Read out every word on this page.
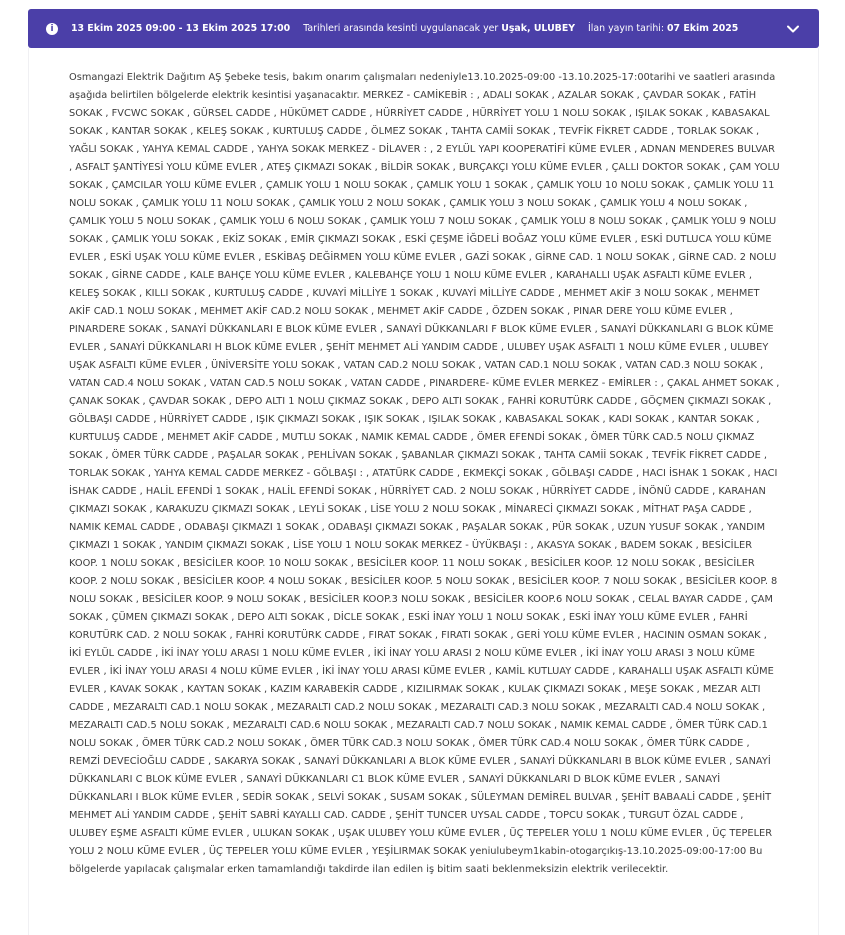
i	13 Ekim 2025 09:00 - 13 Ekim 2025 17:00 Tarihleri arasında kesinti uygulanacak yer Uşak, ULUBEY İlan yayın tarihi: 07 Ekim 2025

Osmangazi Elektrik Dağıtım AŞ Şebeke tesis, bakım onarım çalışmaları nedeniyle13.10.2025-09:00 -13.10.2025-17:00tarihi ve saatleri arasında aşağıda belirtilen bölgelerde elektrik kesintisi yaşanacaktır. MERKEZ - CAMİKEBİR : , ADALI SOKAK , AZALAR SOKAK , ÇAVDAR SOKAK , FATİH SOKAK , FVCWC SOKAK , GÜRSEL CADDE , HÜKÜMET CADDE , HÜRRİYET CADDE , HÜRRİYET YOLU 1 NOLU SOKAK , IŞILAK SOKAK , KABASAKAL SOKAK , KANTAR SOKAK , KELEŞ SOKAK , KURTULUŞ CADDE , ÖLMEZ SOKAK , TAHTA CAMİİ SOKAK , TEVFİK FİKRET CADDE , TORLAK SOKAK , YAĞLI SOKAK , YAHYA KEMAL CADDE , YAHYA SOKAK MERKEZ - DİLAVER : , 2 EYLÜL YAPI KOOPERATİFİ KÜME EVLER , ADNAN MENDERES BULVAR , ASFALT ŞANTİYESİ YOLU KÜME EVLER , ATEŞ ÇIKMAZI SOKAK , BİLDİR SOKAK , BURÇAKÇI YOLU KÜME EVLER , ÇALLI DOKTOR SOKAK , ÇAM YOLU SOKAK , ÇAMCILAR YOLU KÜME EVLER , ÇAMLIK YOLU 1 NOLU SOKAK , ÇAMLIK YOLU 1 SOKAK , ÇAMLIK YOLU 10 NOLU SOKAK , ÇAMLIK YOLU 11 NOLU SOKAK , ÇAMLIK YOLU 11 NOLU SOKAK , ÇAMLIK YOLU 2 NOLU SOKAK , ÇAMLIK YOLU 3 NOLU SOKAK , ÇAMLIK YOLU 4 NOLU SOKAK , ÇAMLIK YOLU 5 NOLU SOKAK , ÇAMLIK YOLU 6 NOLU SOKAK , ÇAMLIK YOLU 7 NOLU SOKAK , ÇAMLIK YOLU 8 NOLU SOKAK , ÇAMLIK YOLU 9 NOLU SOKAK , ÇAMLIK YOLU SOKAK , EKİZ SOKAK , EMİR ÇIKMAZI SOKAK , ESKİ ÇEŞME İĞDELİ BOĞAZ YOLU KÜME EVLER , ESKİ DUTLUCA YOLU KÜME EVLER , ESKİ UŞAK YOLU KÜME EVLER , ESKİBAŞ DEĞİRMEN YOLU KÜME EVLER , GAZİ SOKAK , GİRNE CAD. 1 NOLU SOKAK , GİRNE CAD. 2 NOLU SOKAK , GİRNE CADDE , KALE BAHÇE YOLU KÜME EVLER , KALEBAHÇE YOLU 1 NOLU KÜME EVLER , KARAHALLI UŞAK ASFALTI KÜME EVLER , KELEŞ SOKAK , KILLI SOKAK , KURTULUŞ CADDE , KUVAYİ MİLLİYE 1 SOKAK , KUVAYİ MİLLİYE CADDE , MEHMET AKİF 3 NOLU SOKAK , MEHMET AKİF CAD.1 NOLU SOKAK , MEHMET AKİF CAD.2 NOLU SOKAK , MEHMET AKİF CADDE , ÖZDEN SOKAK , PINAR DERE YOLU KÜME EVLER , PINARDERE SOKAK , SANAYİ DÜKKANLARI E BLOK KÜME EVLER , SANAYİ DÜKKANLARI F BLOK KÜME EVLER , SANAYİ DÜKKANLARI G BLOK KÜME EVLER , SANAYİ DÜKKANLARI H BLOK KÜME EVLER , ŞEHİT MEHMET ALİ YANDIM CADDE , ULUBEY UŞAK ASFALTI 1 NOLU KÜME EVLER , ULUBEY UŞAK ASFALTI KÜME EVLER , ÜNİVERSİTE YOLU SOKAK , VATAN CAD.2 NOLU SOKAK , VATAN CAD.1 NOLU SOKAK , VATAN CAD.3 NOLU SOKAK , VATAN CAD.4 NOLU SOKAK , VATAN CAD.5 NOLU SOKAK , VATAN CADDE , PINARDERE- KÜME EVLER MERKEZ - EMİRLER : , ÇAKAL AHMET SOKAK , ÇANAK SOKAK , ÇAVDAR SOKAK , DEPO ALTI 1 NOLU ÇIKMAZ SOKAK , DEPO ALTI SOKAK , FAHRİ KORUTÜRK CADDE , GÖÇMEN ÇIKMAZI SOKAK , GÖLBAŞI CADDE , HÜRRİYET CADDE , IŞIK ÇIKMAZI SOKAK , IŞIK SOKAK , IŞILAK SOKAK , KABASAKAL SOKAK , KADI SOKAK , KANTAR SOKAK , KURTULUŞ CADDE , MEHMET AKİF CADDE , MUTLU SOKAK , NAMIK KEMAL CADDE , ÖMER EFENDİ SOKAK , ÖMER TÜRK CAD.5 NOLU ÇIKMAZ SOKAK , ÖMER TÜRK CADDE , PAŞALAR SOKAK , PEHLİVAN SOKAK , ŞABANLAR ÇIKMAZI SOKAK , TAHTA CAMİİ SOKAK , TEVFİK FİKRET CADDE , TORLAK SOKAK , YAHYA KEMAL CADDE MERKEZ - GÖLBAŞI : , ATATÜRK CADDE , EKMEKÇİ SOKAK , GÖLBAŞI CADDE , HACI İSHAK 1 SOKAK , HACI İSHAK CADDE , HALİL EFENDİ 1 SOKAK , HALİL EFENDİ SOKAK , HÜRRİYET CAD. 2 NOLU SOKAK , HÜRRİYET CADDE , İNÖNÜ CADDE , KARAHAN ÇIKMAZI SOKAK , KARAKUZU ÇIKMAZI SOKAK , LEYLİ SOKAK , LİSE YOLU 2 NOLU SOKAK , MİNARECİ ÇIKMAZI SOKAK , MİTHAT PAŞA CADDE , NAMIK KEMAL CADDE , ODABAŞI ÇIKMAZI 1 SOKAK , ODABAŞI ÇIKMAZI SOKAK , PAŞALAR SOKAK , PÜR SOKAK , UZUN YUSUF SOKAK , YANDIM ÇIKMAZI 1 SOKAK , YANDIM ÇIKMAZI SOKAK , LİSE YOLU 1 NOLU SOKAK MERKEZ - ÜYÜKBAŞI : , AKASYA SOKAK , BADEM SOKAK , BESİCİLER KOOP. 1 NOLU SOKAK , BESİCİLER KOOP. 10 NOLU SOKAK , BESİCİLER KOOP. 11 NOLU SOKAK , BESİCİLER KOOP. 12 NOLU SOKAK , BESİCİLER KOOP. 2 NOLU SOKAK , BESİCİLER KOOP. 4 NOLU SOKAK , BESİCİLER KOOP. 5 NOLU SOKAK , BESİCİLER KOOP. 7 NOLU SOKAK , BESİCİLER KOOP. 8 NOLU SOKAK , BESİCİLER KOOP. 9 NOLU SOKAK , BESİCİLER KOOP.3 NOLU SOKAK , BESİCİLER KOOP.6 NOLU SOKAK , CELAL BAYAR CADDE , ÇAM SOKAK , ÇÜMEN ÇIKMAZI SOKAK , DEPO ALTI SOKAK , DİCLE SOKAK , ESKİ İNAY YOLU 1 NOLU SOKAK , ESKİ İNAY YOLU KÜME EVLER , FAHRİ KORUTÜRK CAD. 2 NOLU SOKAK , FAHRİ KORUTÜRK CADDE , FIRAT SOKAK , FIRATI SOKAK , GERİ YOLU KÜME EVLER , HACININ OSMAN SOKAK , İKİ EYLÜL CADDE , İKİ İNAY YOLU ARASI 1 NOLU KÜME EVLER , İKİ İNAY YOLU ARASI 2 NOLU KÜME EVLER , İKİ İNAY YOLU ARASI 3 NOLU KÜME EVLER , İKİ İNAY YOLU ARASI 4 NOLU KÜME EVLER , İKİ İNAY YOLU ARASI KÜME EVLER , KAMİL KUTLUAY CADDE , KARAHALLI UŞAK ASFALTI KÜME EVLER , KAVAK SOKAK , KAYTAN SOKAK , KAZIM KARABEKİR CADDE , KIZILIRMAK SOKAK , KULAK ÇIKMAZI SOKAK , MEŞE SOKAK , MEZAR ALTI CADDE , MEZARALTI CAD.1 NOLU SOKAK , MEZARALTI CAD.2 NOLU SOKAK , MEZARALTI CAD.3 NOLU SOKAK , MEZARALTI CAD.4 NOLU SOKAK , MEZARALTI CAD.5 NOLU SOKAK , MEZARALTI CAD.6 NOLU SOKAK , MEZARALTI CAD.7 NOLU SOKAK , NAMIK KEMAL CADDE , ÖMER TÜRK CAD.1 NOLU SOKAK , ÖMER TÜRK CAD.2 NOLU SOKAK , ÖMER TÜRK CAD.3 NOLU SOKAK , ÖMER TÜRK CAD.4 NOLU SOKAK , ÖMER TÜRK CADDE , REMZİ DEVECİOĞLU CADDE , SAKARYA SOKAK , SANAYİ DÜKKANLARI A BLOK KÜME EVLER , SANAYİ DÜKKANLARI B BLOK KÜME EVLER , SANAYİ DÜKKANLARI C BLOK KÜME EVLER , SANAYİ DÜKKANLARI C1 BLOK KÜME EVLER , SANAYİ DÜKKANLARI D BLOK KÜME EVLER , SANAYİ DÜKKANLARI I BLOK KÜME EVLER , SEDİR SOKAK , SELVİ SOKAK , SUSAM SOKAK , SÜLEYMAN DEMİREL BULVAR , ŞEHİT BABAALİ CADDE , ŞEHİT MEHMET ALİ YANDIM CADDE , ŞEHİT SABRİ KAYALLI CAD. CADDE , ŞEHİT TUNCER UYSAL CADDE , TOPCU SOKAK , TURGUT ÖZAL CADDE , ULUBEY EŞME ASFALTI KÜME EVLER , ULUKAN SOKAK , UŞAK ULUBEY YOLU KÜME EVLER , ÜÇ TEPELER YOLU 1 NOLU KÜME EVLER , ÜÇ TEPELER YOLU 2 NOLU KÜME EVLER , ÜÇ TEPELER YOLU KÜME EVLER , YEŞİLIRMAK SOKAK yeniulubeym1kabin-otogarçıkış-13.10.2025-09:00-17:00 Bu bölgelerde yapılacak çalışmalar erken tamamlandığı takdirde ilan edilen iş bitim saati beklenmeksizin elektrik verilecektir.
